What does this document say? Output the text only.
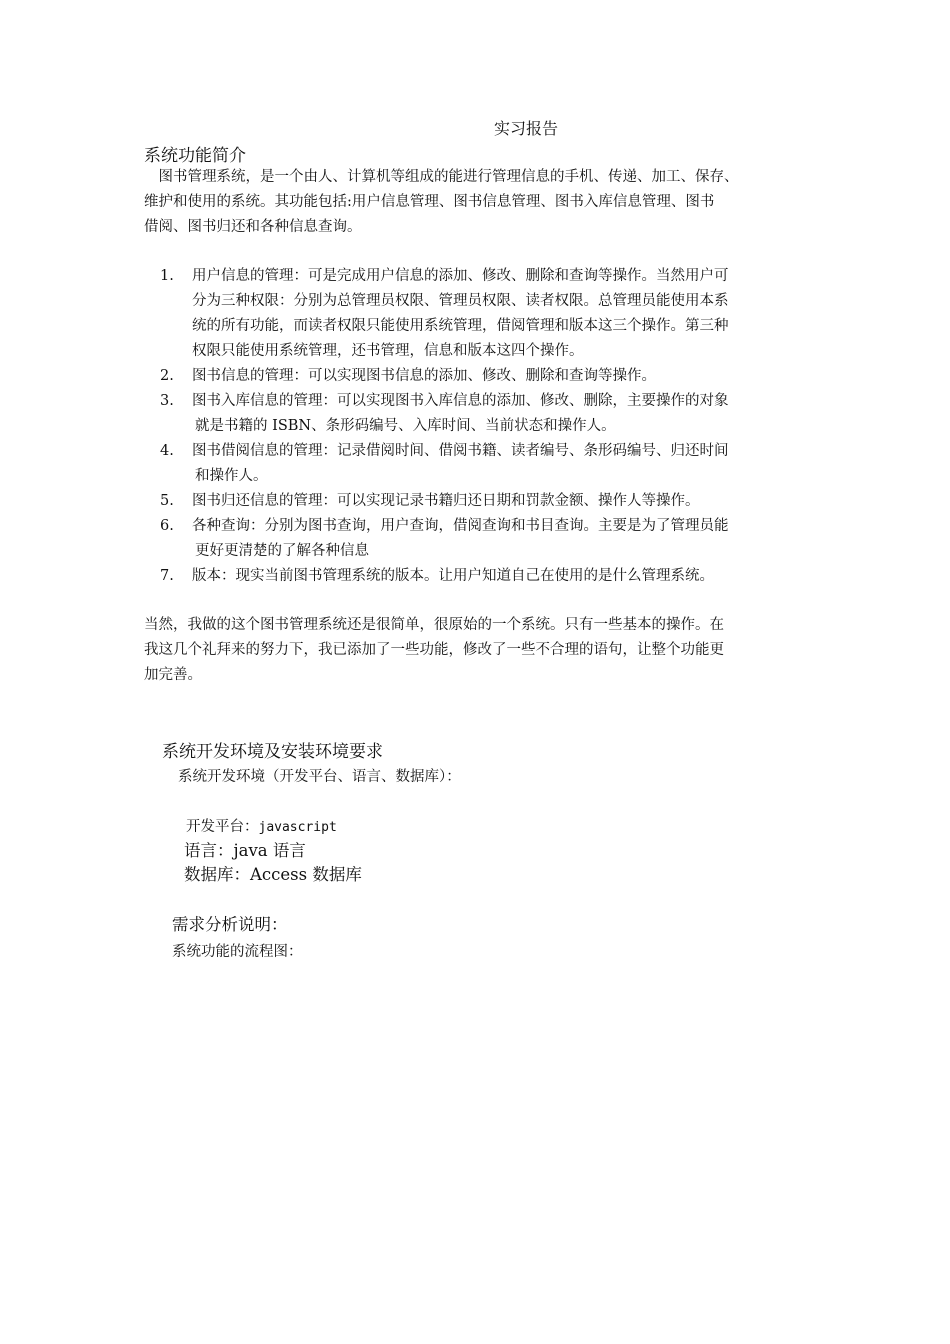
实习报告
系统功能简介
　图书管理系统，是一个由人、计算机等组成的能进行管理信息的手机、传递、加工、保存、
维护和使用的系统。其功能包括:用户信息管理、图书信息管理、图书入库信息管理、图书
借阅、图书归还和各种信息查询。
1. 用户信息的管理：可是完成用户信息的添加、修改、删除和查询等操作。当然用户可
分为三种权限：分别为总管理员权限、管理员权限、读者权限。总管理员能使用本系
统的所有功能，而读者权限只能使用系统管理，借阅管理和版本这三个操作。第三种
权限只能使用系统管理，还书管理，信息和版本这四个操作。
2. 图书信息的管理：可以实现图书信息的添加、修改、删除和查询等操作。
3. 图书入库信息的管理：可以实现图书入库信息的添加、修改、删除，主要操作的对象
就是书籍的 ISBN、条形码编号、入库时间、当前状态和操作人。
4. 图书借阅信息的管理：记录借阅时间、借阅书籍、读者编号、条形码编号、归还时间
和操作人。
5. 图书归还信息的管理：可以实现记录书籍归还日期和罚款金额、操作人等操作。
6. 各种查询：分别为图书查询，用户查询，借阅查询和书目查询。主要是为了管理员能
更好更清楚的了解各种信息
7. 版本：现实当前图书管理系统的版本。让用户知道自己在使用的是什么管理系统。
当然，我做的这个图书管理系统还是很简单，很原始的一个系统。只有一些基本的操作。在
我这几个礼拜来的努力下，我已添加了一些功能，修改了一些不合理的语句，让整个功能更
加完善。
系统开发环境及安装环境要求
系统开发环境（开发平台、语言、数据库）：
开发平台：javascript
语言：java 语言
数据库：Access 数据库
需求分析说明：
系统功能的流程图：
